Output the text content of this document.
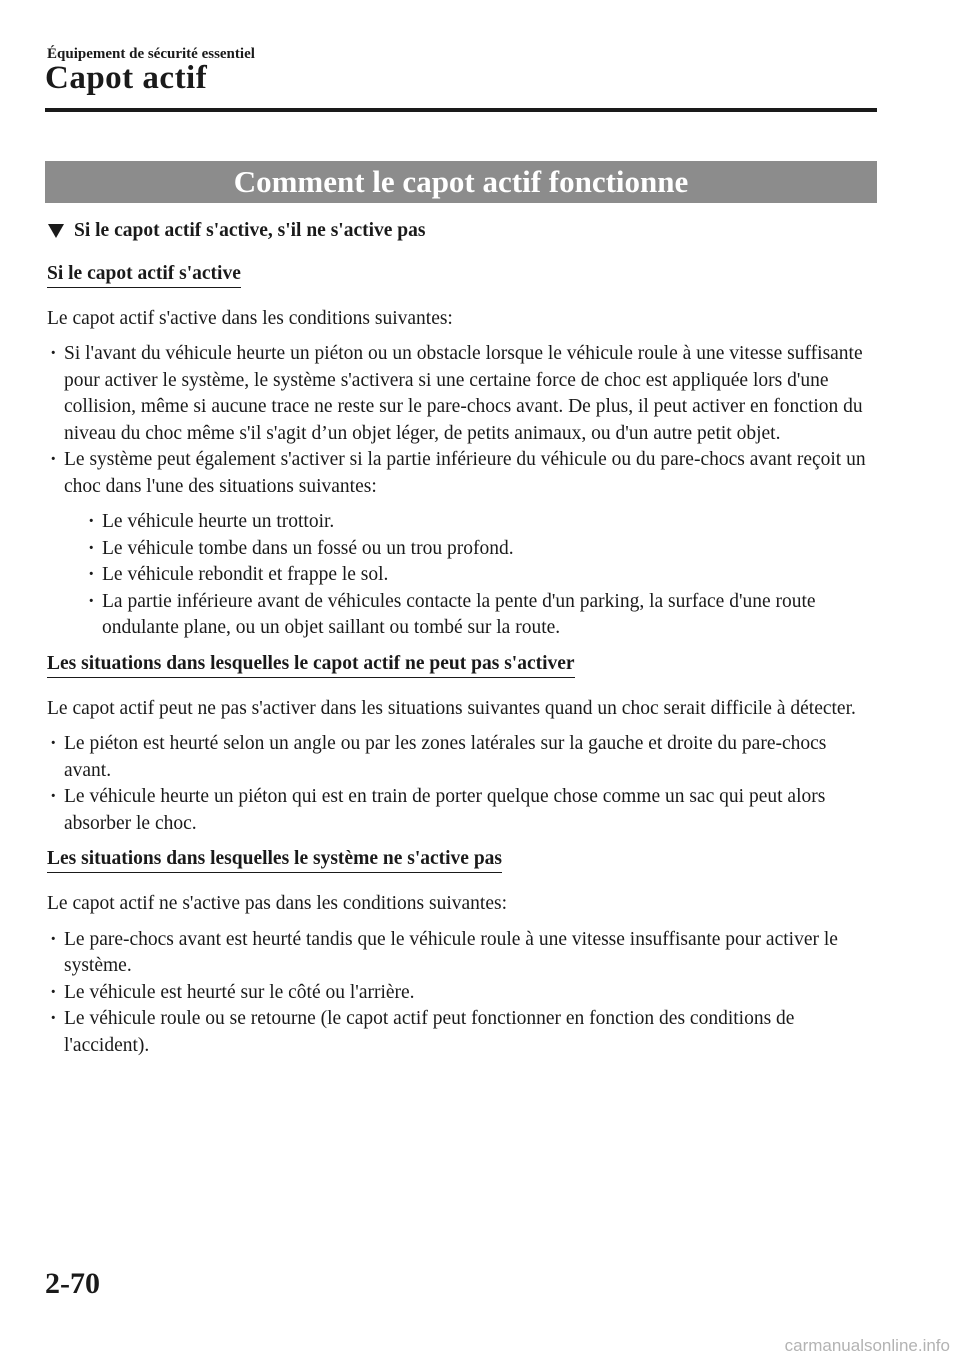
Équipement de sécurité essentiel
Capot actif
Comment le capot actif fonctionne
Si le capot actif s'active, s'il ne s'active pas
Si le capot actif s'active

Le capot actif s'active dans les conditions suivantes:

· Si l'avant du véhicule heurte un piéton ou un obstacle lorsque le véhicule roule à une vitesse suffisante pour activer le système, le système s'activera si une certaine force de choc est appliquée lors d'une collision, même si aucune trace ne reste sur le pare-chocs avant. De plus, il peut activer en fonction du niveau du choc même s'il s'agit d’un objet léger, de petits animaux, ou d'un autre petit objet.
· Le système peut également s'activer si la partie inférieure du véhicule ou du pare-chocs avant reçoit un choc dans l'une des situations suivantes:
· Le véhicule heurte un trottoir.
· Le véhicule tombe dans un fossé ou un trou profond.
· Le véhicule rebondit et frappe le sol.
· La partie inférieure avant de véhicules contacte la pente d'un parking, la surface d'une route ondulante plane, ou un objet saillant ou tombé sur la route.
Les situations dans lesquelles le capot actif ne peut pas s'activer

Le capot actif peut ne pas s'activer dans les situations suivantes quand un choc serait difficile à détecter.

· Le piéton est heurté selon un angle ou par les zones latérales sur la gauche et droite du pare-chocs avant.
· Le véhicule heurte un piéton qui est en train de porter quelque chose comme un sac qui peut alors absorber le choc.
Les situations dans lesquelles le système ne s'active pas

Le capot actif ne s'active pas dans les conditions suivantes:

· Le pare-chocs avant est heurté tandis que le véhicule roule à une vitesse insuffisante pour activer le système.
· Le véhicule est heurté sur le côté ou l'arrière.
· Le véhicule roule ou se retourne (le capot actif peut fonctionner en fonction des conditions de l'accident).
2-70
carmanualsonline.info
